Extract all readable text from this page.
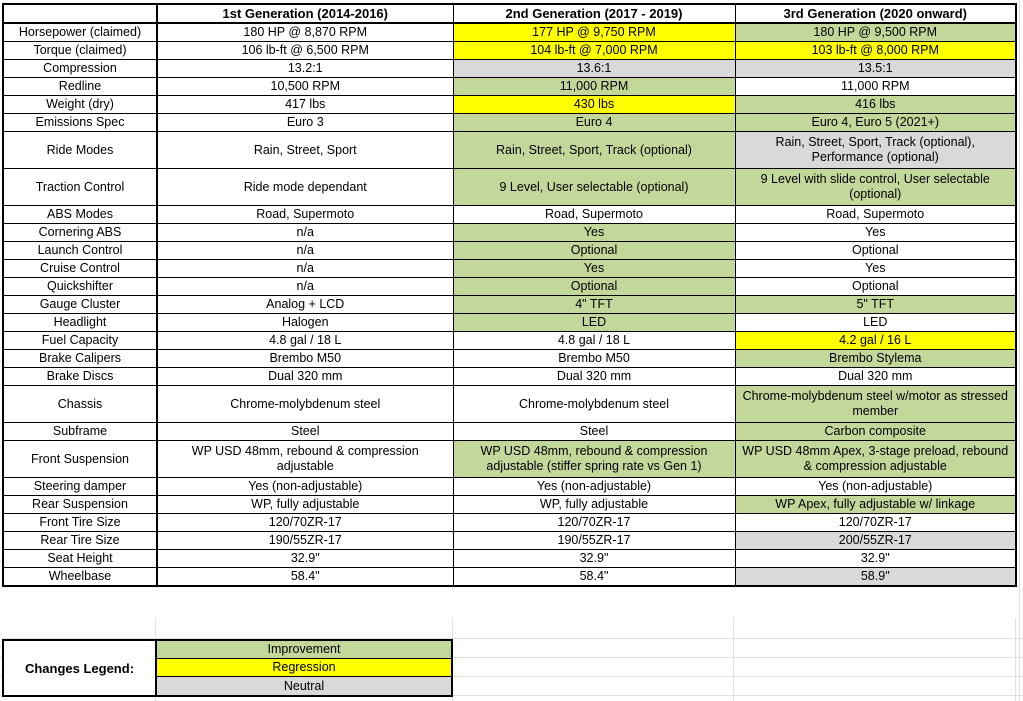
	1st Generation (2014-2016)	2nd Generation (2017 - 2019)	3rd Generation (2020 onward)
Horsepower (claimed)	180 HP @ 8,870 RPM	177 HP @ 9,750 RPM	180 HP @ 9,500 RPM
Torque (claimed)	106 lb-ft @ 6,500 RPM	104 lb-ft @ 7,000 RPM	103 lb-ft @ 8,000 RPM
Compression	13.2:1	13.6:1	13.5:1
Redline	10,500 RPM	11,000 RPM	11,000 RPM
Weight (dry)	417 lbs	430 lbs	416 lbs
Emissions Spec	Euro 3	Euro 4	Euro 4, Euro 5 (2021+)
Ride Modes	Rain, Street, Sport	Rain, Street, Sport, Track (optional)	Rain, Street, Sport, Track (optional), Performance (optional)
Traction Control	Ride mode dependant	9 Level, User selectable (optional)	9 Level with slide control, User selectable (optional)
ABS Modes	Road, Supermoto	Road, Supermoto	Road, Supermoto
Cornering ABS	n/a	Yes	Yes
Launch Control	n/a	Optional	Optional
Cruise Control	n/a	Yes	Yes
Quickshifter	n/a	Optional	Optional
Gauge Cluster	Analog + LCD	4" TFT	5" TFT
Headlight	Halogen	LED	LED
Fuel Capacity	4.8 gal / 18 L	4.8 gal / 18 L	4.2 gal / 16 L
Brake Calipers	Brembo M50	Brembo M50	Brembo Stylema
Brake Discs	Dual 320 mm	Dual 320 mm	Dual 320 mm
Chassis	Chrome-molybdenum steel	Chrome-molybdenum steel	Chrome-molybdenum steel w/motor as stressed member
Subframe	Steel	Steel	Carbon composite
Front Suspension	WP USD 48mm, rebound & compression adjustable	WP USD 48mm, rebound & compression adjustable (stiffer spring rate vs Gen 1)	WP USD 48mm Apex, 3-stage preload, rebound & compression adjustable
Steering damper	Yes (non-adjustable)	Yes (non-adjustable)	Yes (non-adjustable)
Rear Suspension	WP, fully adjustable	WP, fully adjustable	WP Apex, fully adjustable w/ linkage
Front Tire Size	120/70ZR-17	120/70ZR-17	120/70ZR-17
Rear Tire Size	190/55ZR-17	190/55ZR-17	200/55ZR-17
Seat Height	32.9"	32.9"	32.9"
Wheelbase	58.4"	58.4"	58.9"
Changes Legend:
Improvement
Regression
Neutral
